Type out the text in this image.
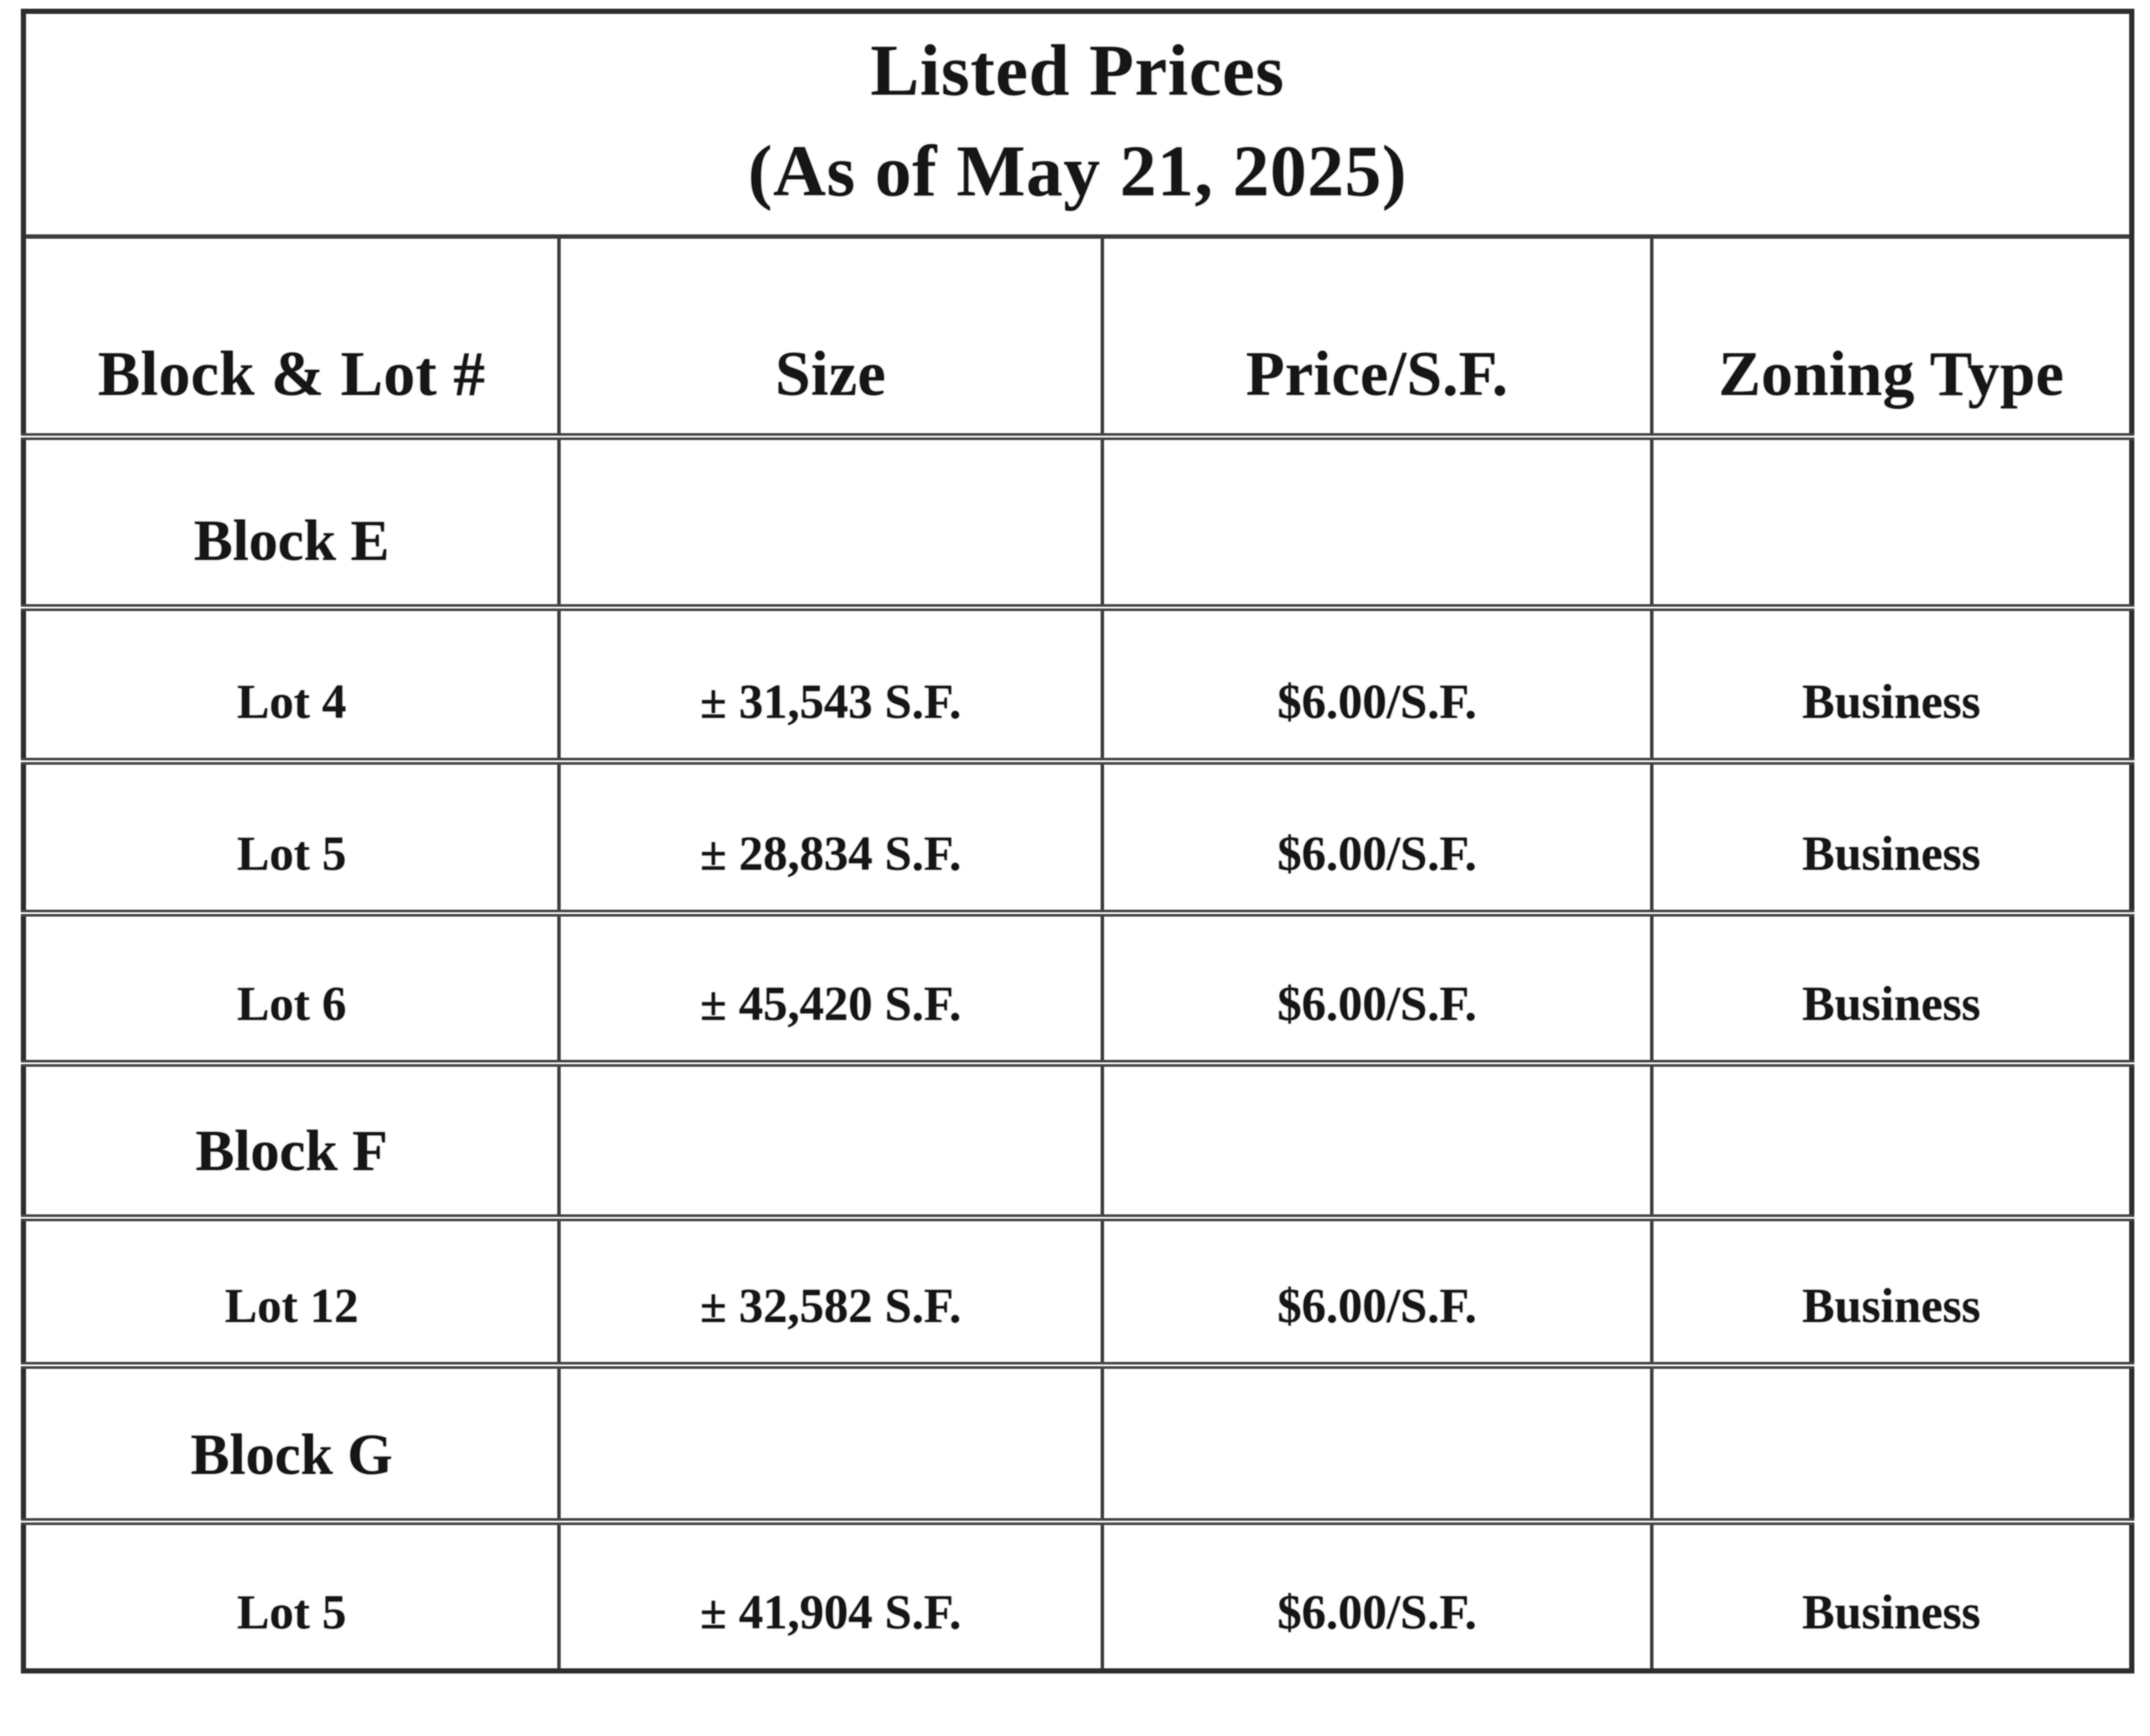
Listed Prices
(As of May 21, 2025)			

Block & Lot #	Size	Price/S.F.	Zoning Type
Block E			
Lot 4	± 31,543 S.F.	$6.00/S.F.	Business
Lot 5	± 28,834 S.F.	$6.00/S.F.	Business
Lot 6	± 45,420 S.F.	$6.00/S.F.	Business
Block F			
Lot 12	± 32,582 S.F.	$6.00/S.F.	Business
Block G			
Lot 5	± 41,904 S.F.	$6.00/S.F.	Business
